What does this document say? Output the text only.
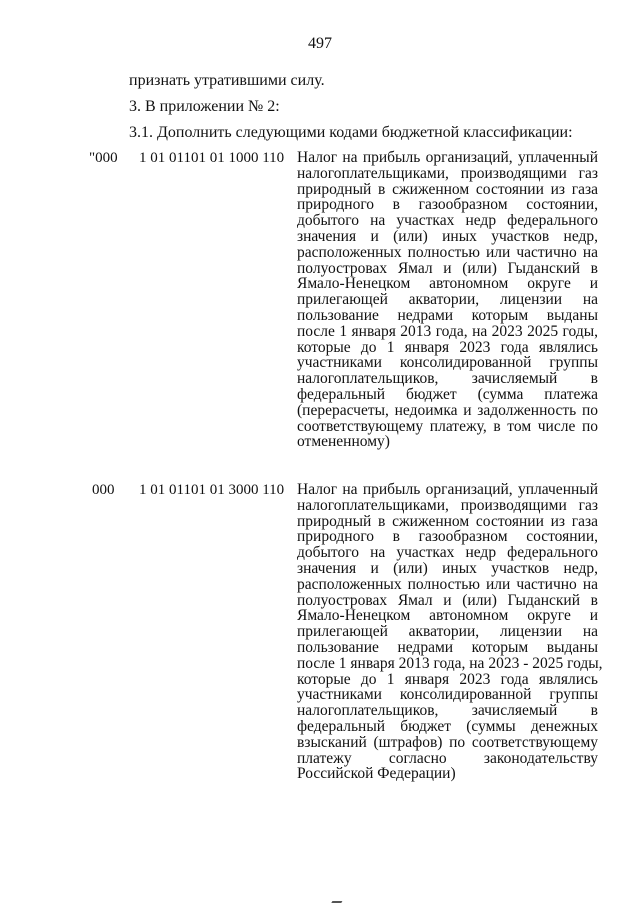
497
признать утратившими силу.
3. В приложении № 2:
3.1. Дополнить следующими кодами бюджетной классификации:
"000 1 01 01101 01 1000 110 Налог на прибыль организаций, уплаченный
налогоплательщиками, производящими газ
природный в сжиженном состоянии из газа
природного в газообразном состоянии,
добытого на участках недр федерального
значения и (или) иных участков недр,
расположенных полностью или частично на
полуостровах Ямал и (или) Гыданский в
Ямало-Ненецком автономном округе и
прилегающей акватории, лицензии на
пользование недрами которым выданы
после 1 января 2013 года, на 2023 2025 годы,
которые до 1 января 2023 года являлись
участниками консолидированной группы
налогоплательщиков, зачисляемый в
федеральный бюджет (сумма платежа
(перерасчеты, недоимка и задолженность по
соответствующему платежу, в том числе по
отмененному)
000 1 01 01101 01 3000 110 Налог на прибыль организаций, уплаченный
налогоплательщиками, производящими газ
природный в сжиженном состоянии из газа
природного в газообразном состоянии,
добытого на участках недр федерального
значения и (или) иных участков недр,
расположенных полностью или частично на
полуостровах Ямал и (или) Гыданский в
Ямало-Ненецком автономном округе и
прилегающей акватории, лицензии на
пользование недрами которым выданы
после 1 января 2013 года, на 2023 - 2025 годы,
которые до 1 января 2023 года являлись
участниками консолидированной группы
налогоплательщиков, зачисляемый в
федеральный бюджет (суммы денежных
взысканий (штрафов) по соответствующему
платежу согласно законодательству
Российской Федерации)
